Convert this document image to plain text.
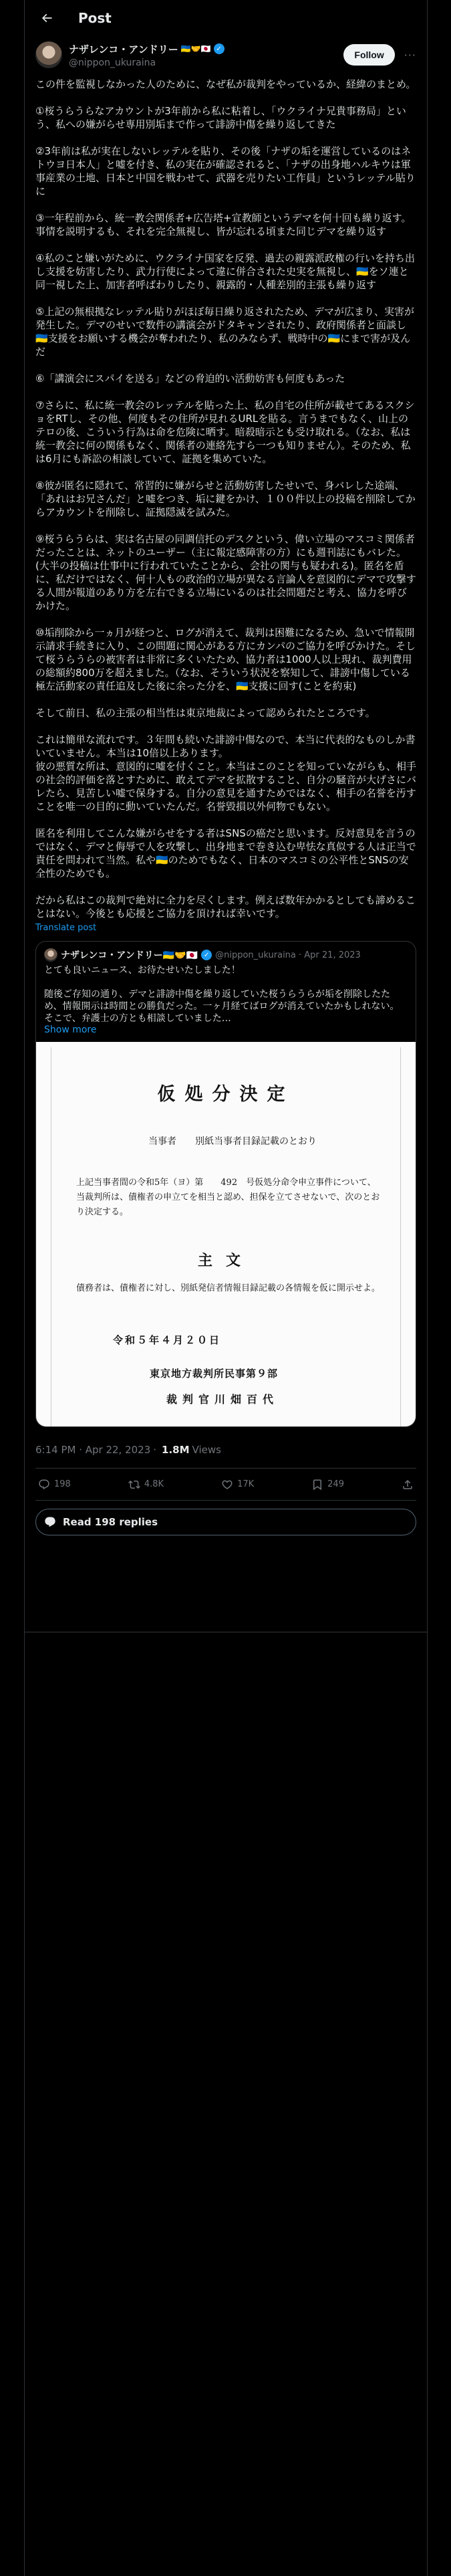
Post
ナザレンコ・アンドリー 🇺🇦🤝🇯🇵 ✓
@nippon_ukuraina
Follow	···

この件を監視しなかった人のために、なぜ私が裁判をやっているか、経緯のまとめ。

①桜うらうらなアカウントが3年前から私に粘着し、「ウクライナ兄貴事務局」という、私への嫌がらせ専用別垢まで作って誹謗中傷を繰り返してきた

②3年前は私が実在しないレッテルを貼り、その後「ナザの垢を運営しているのはネトウヨ日本人」と嘘を付き、私の実在が確認されると、「ナザの出身地ハルキウは軍事産業の土地、日本と中国を戦わせて、武器を売りたい工作員」というレッテル貼りに

③一年程前から、統一教会関係者+広告塔+宣教師というデマを何十回も繰り返す。事情を説明するも、それを完全無視し、皆が忘れる頃また同じデマを繰り返す

④私のこと嫌いがために、ウクライナ国家を反発、過去の親露派政権の行いを持ち出し支援を妨害したり、武力行使によって違に併合された史実を無視し、🇺🇦をソ連と同一視した上、加害者呼ばわりしたり、親露的・人種差別的主張も繰り返す

⑤上記の無根拠なレッテル貼りがほぼ毎日繰り返されたため、デマが広まり、実害が発生した。デマのせいで数件の講演会がドタキャンされたり、政府関係者と面談し🇺🇦支援をお願いする機会が奪われたり、私のみならず、戦時中の🇺🇦にまで害が及んだ

⑥「講演会にスパイを送る」などの脅迫的い活動妨害も何度もあった

⑦さらに、私に統一教会のレッテルを貼った上、私の自宅の住所が載せてあるスクショをRTし、その他、何度もその住所が見れるURLを貼る。言うまでもなく、山上のテロの後、こういう行為は命を危険に晒す。暗殺暗示とも受け取れる。（なお、私は統一教会に何の関係もなく、関係者の連絡先すら一つも知りません）。そのため、私は6月にも訴訟の相談していて、証拠を集めていた。

⑧彼が匿名に隠れて、常習的に嫌がらせと活動妨害したせいで、身バレした途端、「あれはお兄さんだ」と嘘をつき、垢に鍵をかけ、１００件以上の投稿を削除してからアカウントを削除し、証拠隠滅を試みた。

⑨桜うらうらは、実は名古屋の同調信托のデスクという、偉い立場のマスコミ関係者だったことは、ネットのユーザー（主に報定感障害の方）にも週刊誌にもバレた。(大半の投稿は仕事中に行われていたことから、会社の関与も疑われる)。匿名を盾に、私だけではなく、何十人もの政治的立場が異なる言論人を意図的にデマで攻撃する人間が報道のあり方を左右できる立場にいるのは社会問題だと考え、協力を呼びかけた。

⑩垢削除から一ヵ月が経つと、ログが消えて、裁判は困難になるため、急いで情報開示請求手続きに入り、この問題に関心がある方にカンパのご協力を呼びかけた。そして桜うらうらの被害者は非常に多くいたため、協力者は1000人以上現れ、裁判費用の総額約800万を超えました。（なお、そういう状況を察知して、誹謗中傷している極左活動家の責任追及した後に余った分を、🇺🇦支援に回す(ことを約束)

そして前日、私の主張の相当性は東京地裁によって認められたところです。

これは簡単な流れです。３年間も続いた誹謗中傷なので、本当に代表的なものしか書いていません。本当は10倍以上あります。
彼の悪質な所は、意図的に嘘を付くこと。本当はこのことを知っていながらも、相手の社会的評価を落とすために、敢えてデマを拡散すること、自分の騒音が大げさにバレたら、見苦しい嘘で保身する。自分の意見を通すためではなく、相手の名誉を汚すことを唯一の目的に動いていたんだ。名誉毀損以外何物でもない。

匿名を利用してこんな嫌がらせをする者はSNSの癌だと思います。反対意見を言うのではなく、デマと侮辱で人を攻撃し、出身地まで巻き込む卑怯な真似する人は正当で責任を問われて当然。私や🇺🇦のためでもなく、日本のマスコミの公平性とSNSの安全性のためでも。

だから私はこの裁判で絶対に全力を尽くします。例えば数年かかるとしても諦めることはない。今後とも応援とご協力を頂ければ幸いです。

Translate post
ナザレンコ・アンドリー🇺🇦🤝🇯🇵 ✓ @nippon_ukuraina · Apr 21, 2023
とても良いニュース、お待たせいたしました！

随後ご存知の通り、デマと誹謗中傷を繰り返していた桜うらうらが垢を削除したため、情報開示は時間との勝負だった。一ヶ月経てばログが消えていたかもしれない。そこで、弁護士の方とも相談していました…
Show more
仮処分決定
当事者　　別紙当事者目録記載のとおり
上記当事者間の令和5年（ヨ）第　　492　号仮処分命令申立事件について、当裁判所は、債権者の申立てを相当と認め、担保を立てさせないで、次のとおり決定する。
主文
債務者は、債権者に対し、別紙発信者情報目録記載の各情報を仮に開示せよ。
令和５年４月２０日
東京地方裁判所民事第９部
裁判官川畑百代
6:14 PM · Apr 22, 2023 · 1.8M Views
198	4.8K	17K	249
Read 198 replies
